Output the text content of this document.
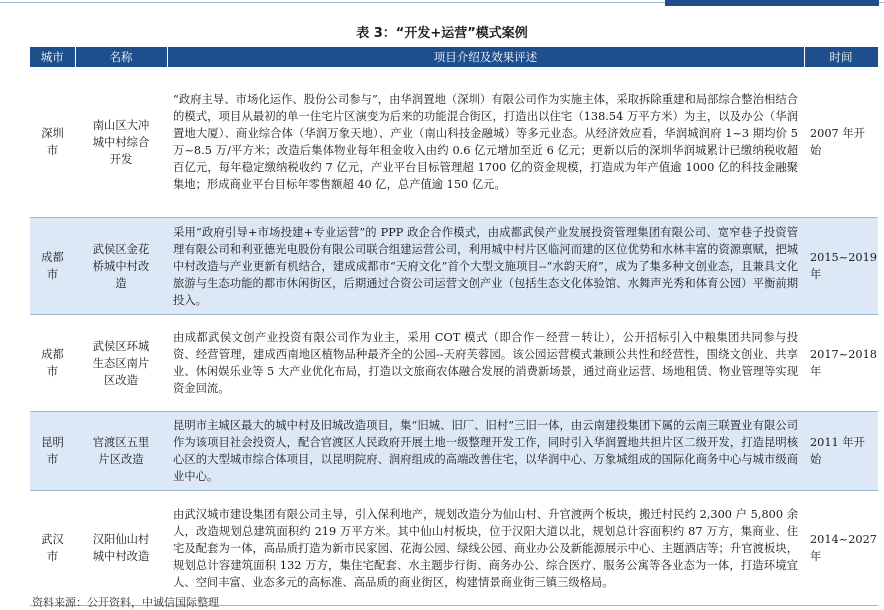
表 3：“开发+运营”模式案例
城市	名称	项目介绍及效果评述	时间
深圳市	南山区大冲城中村综合开发	“政府主导、市场化运作、股份公司参与”，由华润置地（深圳）有限公司作为实施主体，采取拆除重建和局部综合整治相结合的模式，项目从最初的单一住宅片区演变为后来的功能混合街区，打造出以住宅（138.54 万平方米）为主，以及办公（华润置地大厦）、商业综合体（华润万象天地）、产业（南山科技金融城）等多元业态。从经济效应看，华润城润府 1~3 期均价 5 万~8.5 万/平方米；改造后集体物业每年租金收入由约 0.6 亿元增加至近 6 亿元；更新以后的深圳华润城累计已缴纳税收超百亿元，每年稳定缴纳税收约 7 亿元，产业平台目标管理超 1700 亿的资金规模，打造成为年产值逾 1000 亿的科技金融聚集地；形成商业平台目标年零售额超 40 亿，总产值逾 150 亿元。	2007 年开始
成都市	武侯区金花桥城中村改造	采用“政府引导+市场投建+专业运营”的 PPP 政企合作模式，由成都武侯产业发展投资管理集团有限公司、宽窄巷子投资管理有限公司和利亚德光电股份有限公司联合组建运营公司，利用城中村片区临河而建的区位优势和水林丰富的资源禀赋，把城中村改造与产业更新有机结合，建成成都市“天府文化”首个大型文施项目--“水韵天府”，成为了集多种文创业态，且兼具文化旅游与生态功能的都市休闲街区，后期通过合资公司运营文创产业（包括生态文化体验馆、水舞声光秀和体育公园）平衡前期投入。	2015~2019 年
成都市	武侯区环城生态区南片区改造	由成都武侯文创产业投资有限公司作为业主，采用 COT 模式（即合作－经营－转让），公开招标引入中粮集团共同参与投资、经营管理，建成西南地区植物品种最齐全的公园--天府芙蓉园。该公园运营模式兼顾公共性和经营性，围绕文创业、共享业、休闲娱乐业等 5 大产业优化布局，打造以文旅商农体融合发展的消费新场景，通过商业运营、场地租赁、物业管理等实现资金回流。	2017~2018 年
昆明市	官渡区五里片区改造	昆明市主城区最大的城中村及旧城改造项目，集“旧城、旧厂、旧村”三旧一体，由云南建投集团下属的云南三联置业有限公司作为该项目社会投资人，配合官渡区人民政府开展土地一级整理开发工作，同时引入华润置地共担片区二级开发，打造昆明核心区的大型城市综合体项目，以昆明院府、润府组成的高端改善住宅，以华润中心、万象城组成的国际化商务中心与城市级商业中心。	2011 年开始
武汉市	汉阳仙山村城中村改造	由武汉城市建设集团有限公司主导，引入保利地产，规划改造分为仙山村、升官渡两个板块，搬迁村民约 2,300 户 5,800 余人，改造规划总建筑面积约 219 万平方米。其中仙山村板块，位于汉阳大道以北，规划总计容面积约 87 万方，集商业、住宅及配套为一体，高品质打造为新市民家园、花海公园、绿线公园、商业办公及新能源展示中心、主题酒店等；升官渡板块，规划总计容建筑面积 132 万方，集住宅配套、水主题步行街、商务办公、综合医疗、服务公寓等各业态为一体，打造环境宜人、空间丰富、业态多元的高标准、高品质的商业街区，构建情景商业街三镇三级格局。	2014~2027 年
资料来源：公开资料，中诚信国际整理
